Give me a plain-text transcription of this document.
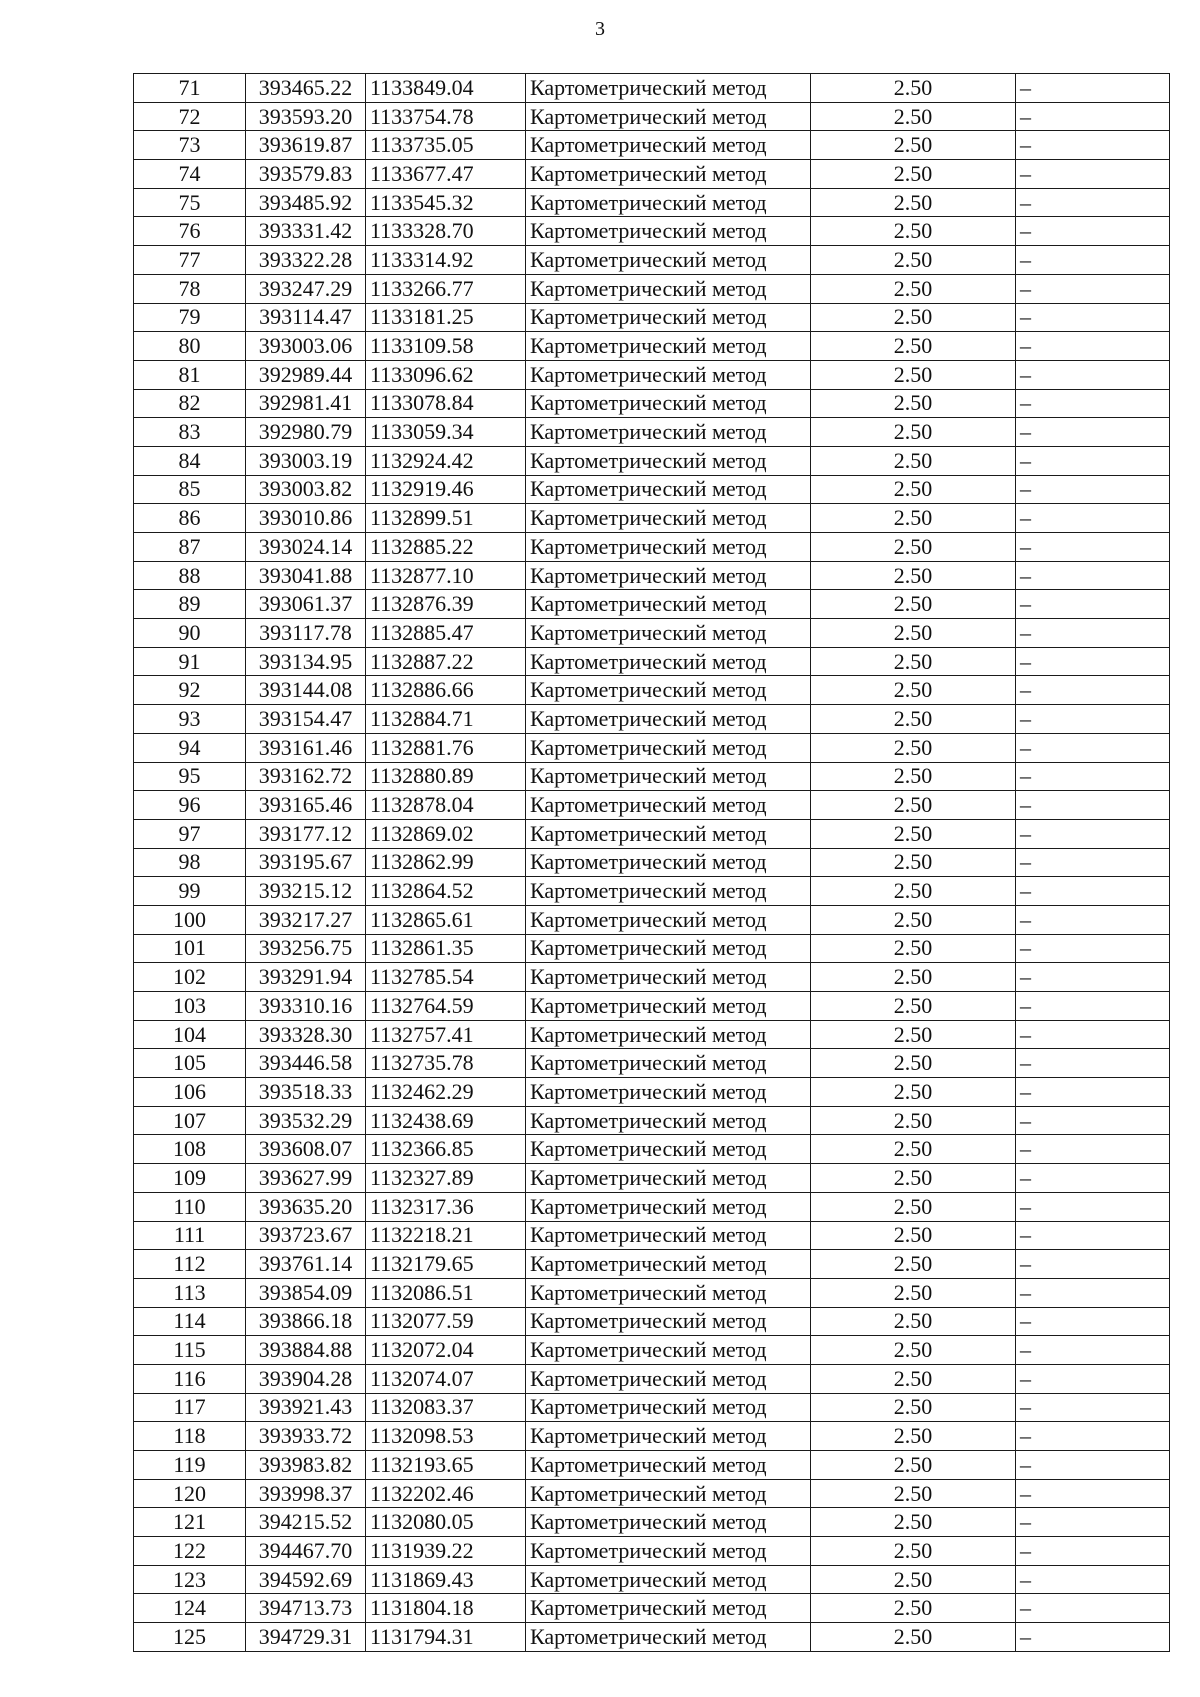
3
71	393465.22	1133849.04	Картометрический метод	2.50	–
72	393593.20	1133754.78	Картометрический метод	2.50	–
73	393619.87	1133735.05	Картометрический метод	2.50	–
74	393579.83	1133677.47	Картометрический метод	2.50	–
75	393485.92	1133545.32	Картометрический метод	2.50	–
76	393331.42	1133328.70	Картометрический метод	2.50	–
77	393322.28	1133314.92	Картометрический метод	2.50	–
78	393247.29	1133266.77	Картометрический метод	2.50	–
79	393114.47	1133181.25	Картометрический метод	2.50	–
80	393003.06	1133109.58	Картометрический метод	2.50	–
81	392989.44	1133096.62	Картометрический метод	2.50	–
82	392981.41	1133078.84	Картометрический метод	2.50	–
83	392980.79	1133059.34	Картометрический метод	2.50	–
84	393003.19	1132924.42	Картометрический метод	2.50	–
85	393003.82	1132919.46	Картометрический метод	2.50	–
86	393010.86	1132899.51	Картометрический метод	2.50	–
87	393024.14	1132885.22	Картометрический метод	2.50	–
88	393041.88	1132877.10	Картометрический метод	2.50	–
89	393061.37	1132876.39	Картометрический метод	2.50	–
90	393117.78	1132885.47	Картометрический метод	2.50	–
91	393134.95	1132887.22	Картометрический метод	2.50	–
92	393144.08	1132886.66	Картометрический метод	2.50	–
93	393154.47	1132884.71	Картометрический метод	2.50	–
94	393161.46	1132881.76	Картометрический метод	2.50	–
95	393162.72	1132880.89	Картометрический метод	2.50	–
96	393165.46	1132878.04	Картометрический метод	2.50	–
97	393177.12	1132869.02	Картометрический метод	2.50	–
98	393195.67	1132862.99	Картометрический метод	2.50	–
99	393215.12	1132864.52	Картометрический метод	2.50	–
100	393217.27	1132865.61	Картометрический метод	2.50	–
101	393256.75	1132861.35	Картометрический метод	2.50	–
102	393291.94	1132785.54	Картометрический метод	2.50	–
103	393310.16	1132764.59	Картометрический метод	2.50	–
104	393328.30	1132757.41	Картометрический метод	2.50	–
105	393446.58	1132735.78	Картометрический метод	2.50	–
106	393518.33	1132462.29	Картометрический метод	2.50	–
107	393532.29	1132438.69	Картометрический метод	2.50	–
108	393608.07	1132366.85	Картометрический метод	2.50	–
109	393627.99	1132327.89	Картометрический метод	2.50	–
110	393635.20	1132317.36	Картометрический метод	2.50	–
111	393723.67	1132218.21	Картометрический метод	2.50	–
112	393761.14	1132179.65	Картометрический метод	2.50	–
113	393854.09	1132086.51	Картометрический метод	2.50	–
114	393866.18	1132077.59	Картометрический метод	2.50	–
115	393884.88	1132072.04	Картометрический метод	2.50	–
116	393904.28	1132074.07	Картометрический метод	2.50	–
117	393921.43	1132083.37	Картометрический метод	2.50	–
118	393933.72	1132098.53	Картометрический метод	2.50	–
119	393983.82	1132193.65	Картометрический метод	2.50	–
120	393998.37	1132202.46	Картометрический метод	2.50	–
121	394215.52	1132080.05	Картометрический метод	2.50	–
122	394467.70	1131939.22	Картометрический метод	2.50	–
123	394592.69	1131869.43	Картометрический метод	2.50	–
124	394713.73	1131804.18	Картометрический метод	2.50	–
125	394729.31	1131794.31	Картометрический метод	2.50	–
